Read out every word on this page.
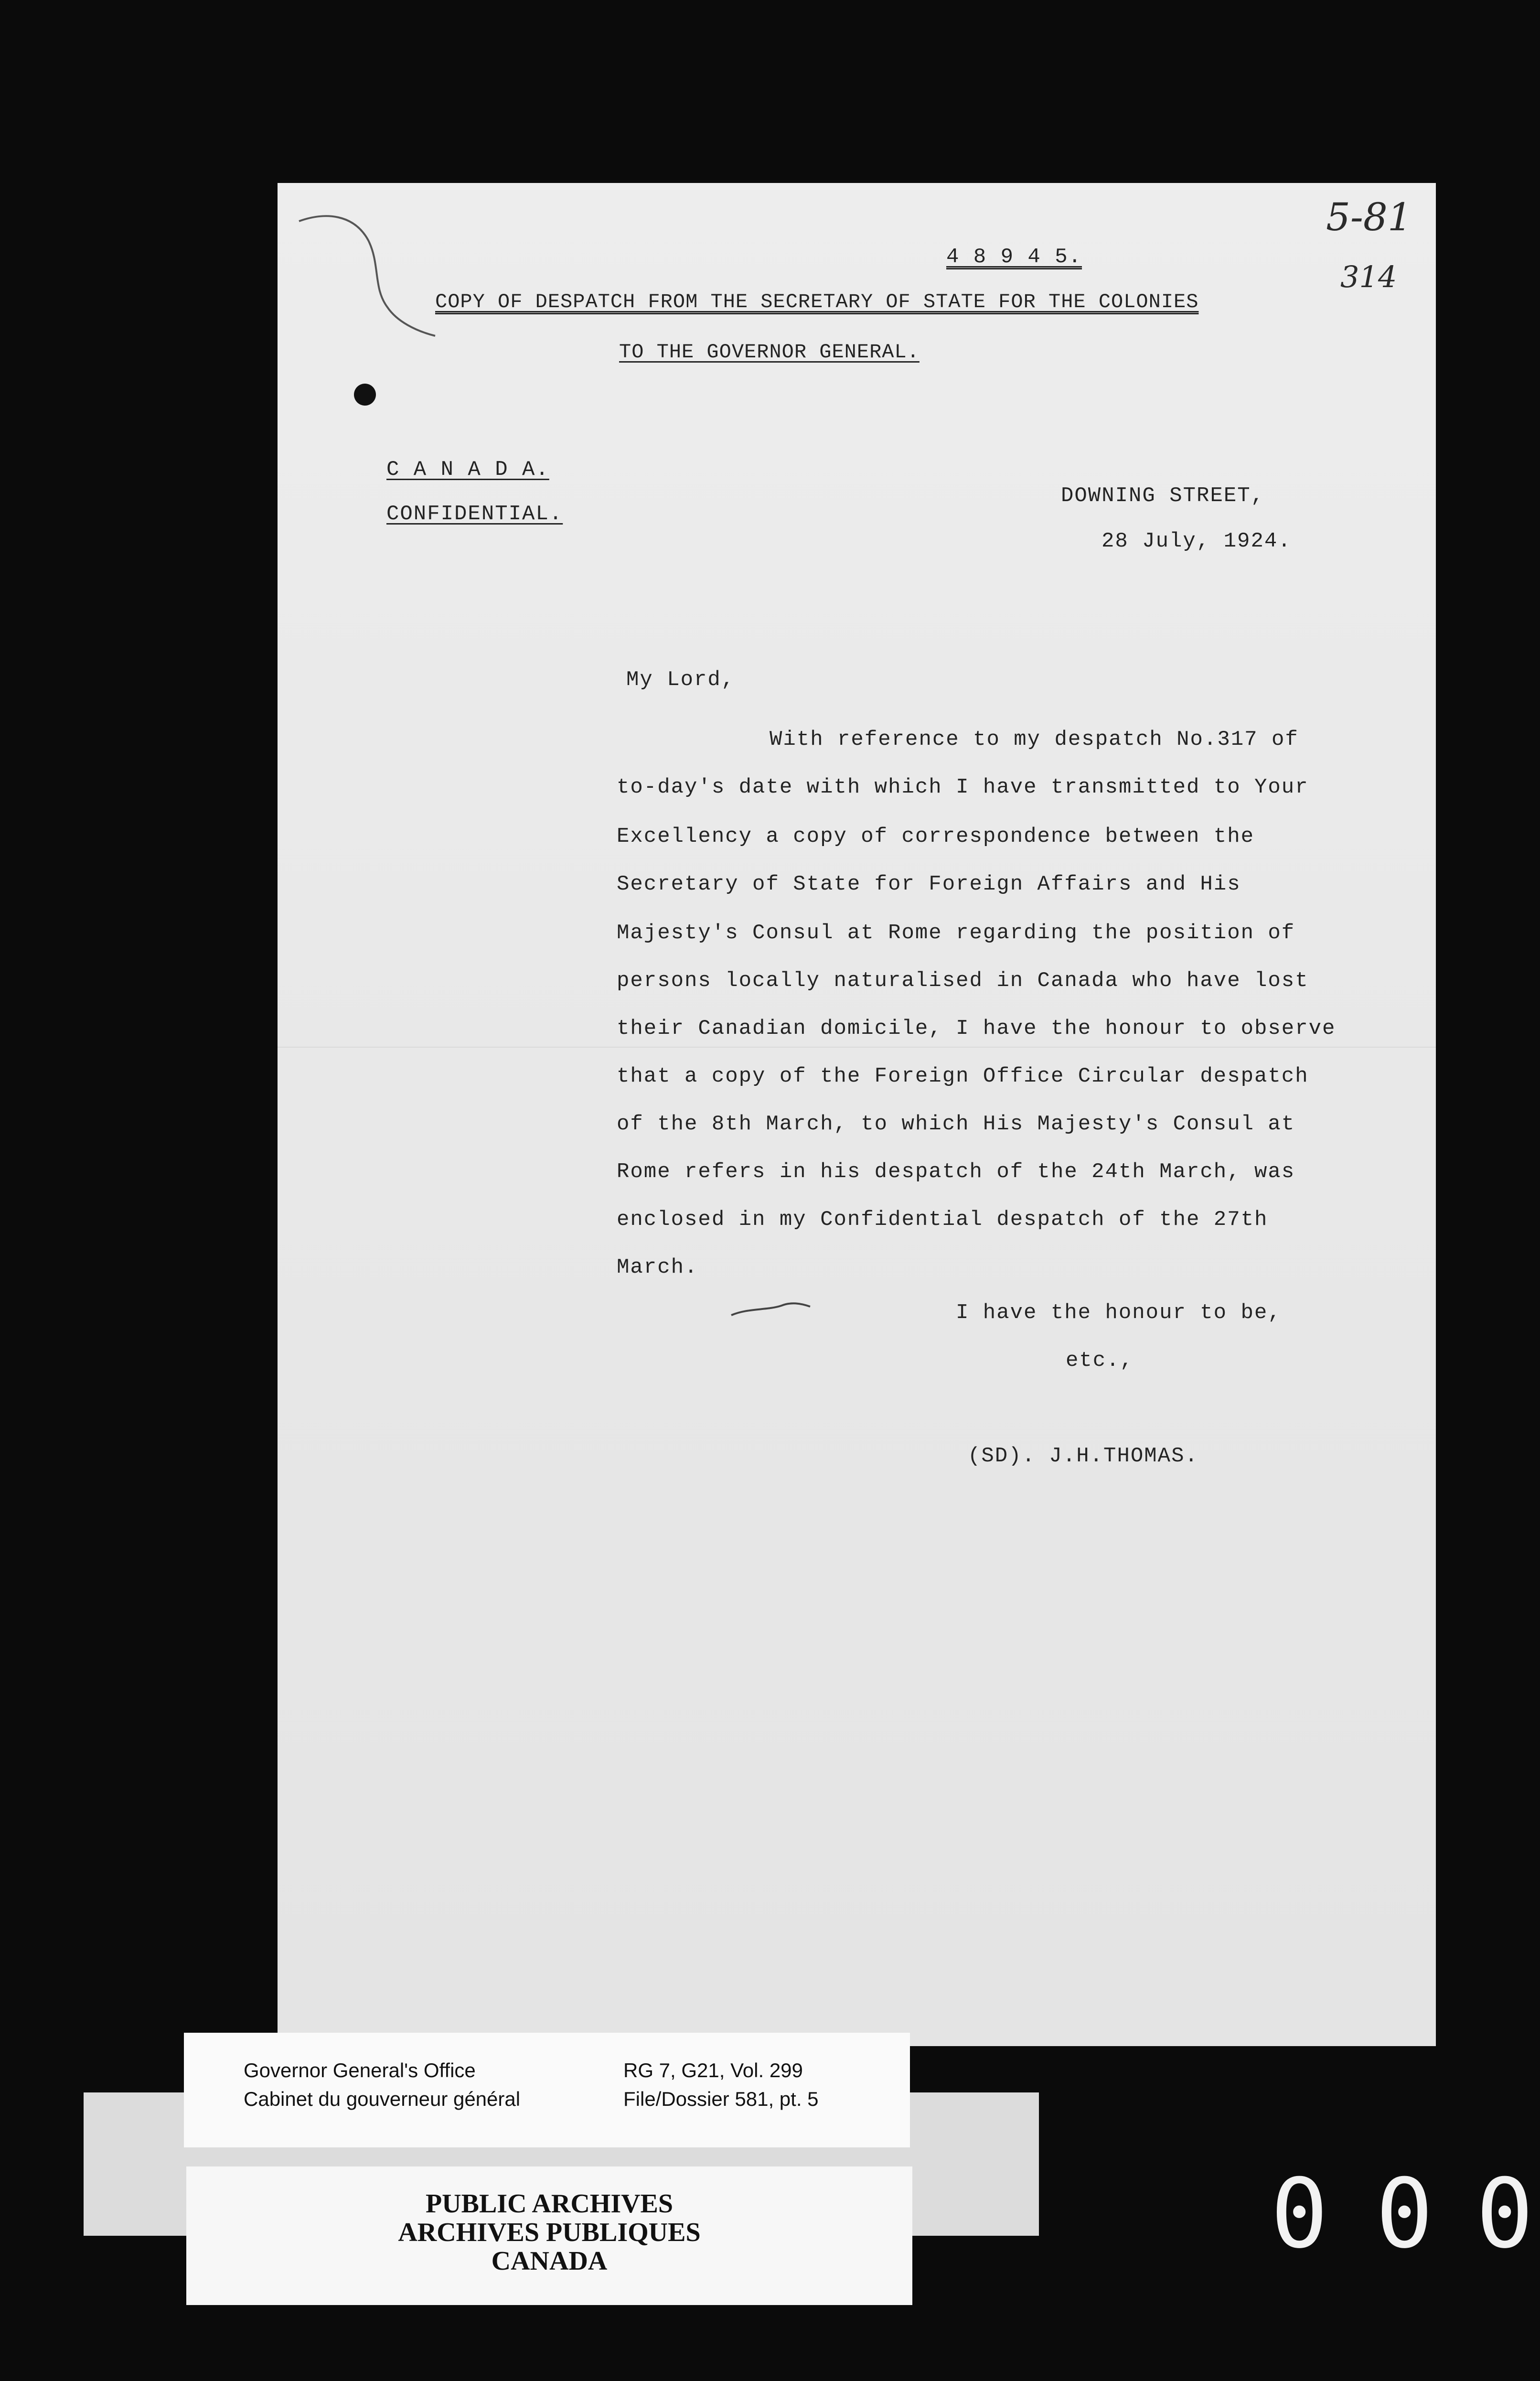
5-81
314
4 8 9 4 5.
COPY OF DESPATCH FROM THE SECRETARY OF STATE FOR THE COLONIES
TO THE GOVERNOR GENERAL.
C A N A D A.
CONFIDENTIAL.
DOWNING STREET,
28 July, 1924.
My Lord,
With reference to my despatch No.317 of
to-day's date with which I have transmitted to Your
Excellency a copy of correspondence between the
Secretary of State for Foreign Affairs and His
Majesty's Consul at Rome regarding the position of
persons locally naturalised in Canada who have lost
their Canadian domicile, I have the honour to observe
that a copy of the Foreign Office Circular despatch
of the 8th March, to which His Majesty's Consul at
Rome refers in his despatch of the 24th March, was
enclosed in my Confidential despatch of the 27th
March.
I have the honour to be,
etc.,
(SD). J.H.THOMAS.
Governor General's Office
Cabinet du gouverneur général
RG 7, G21, Vol. 299
File/Dossier 581, pt. 5
PUBLIC ARCHIVES
ARCHIVES PUBLIQUES
CANADA	0 0 0
